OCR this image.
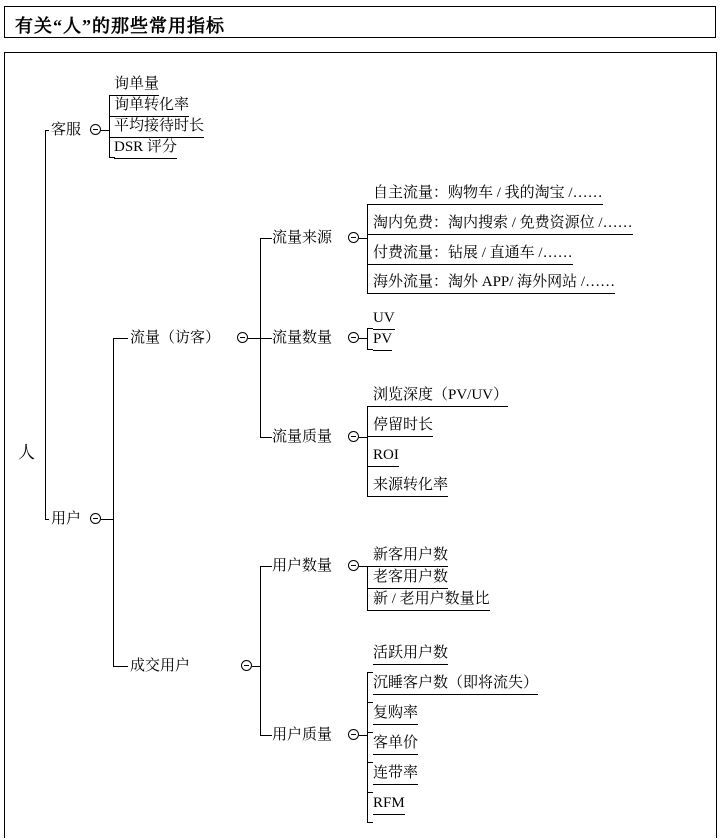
有关“人”的那些常用指标
人
客服
询单量
询单转化率
平均接待时长
DSR 评分
用户
流量（访客）
流量来源
自主流量：购物车 / 我的淘宝 /……
淘内免费：淘内搜索 / 免费资源位 /……
付费流量：钻展 / 直通车 /……
海外流量：淘外 APP/ 海外网站 /……
流量数量
UV
PV
流量质量
浏览深度（PV/UV）
停留时长
ROI
来源转化率
成交用户
用户数量
新客用户数
老客用户数
新 / 老用户数量比
用户质量
活跃用户数
沉睡客户数（即将流失）
复购率
客单价
连带率
RFM
